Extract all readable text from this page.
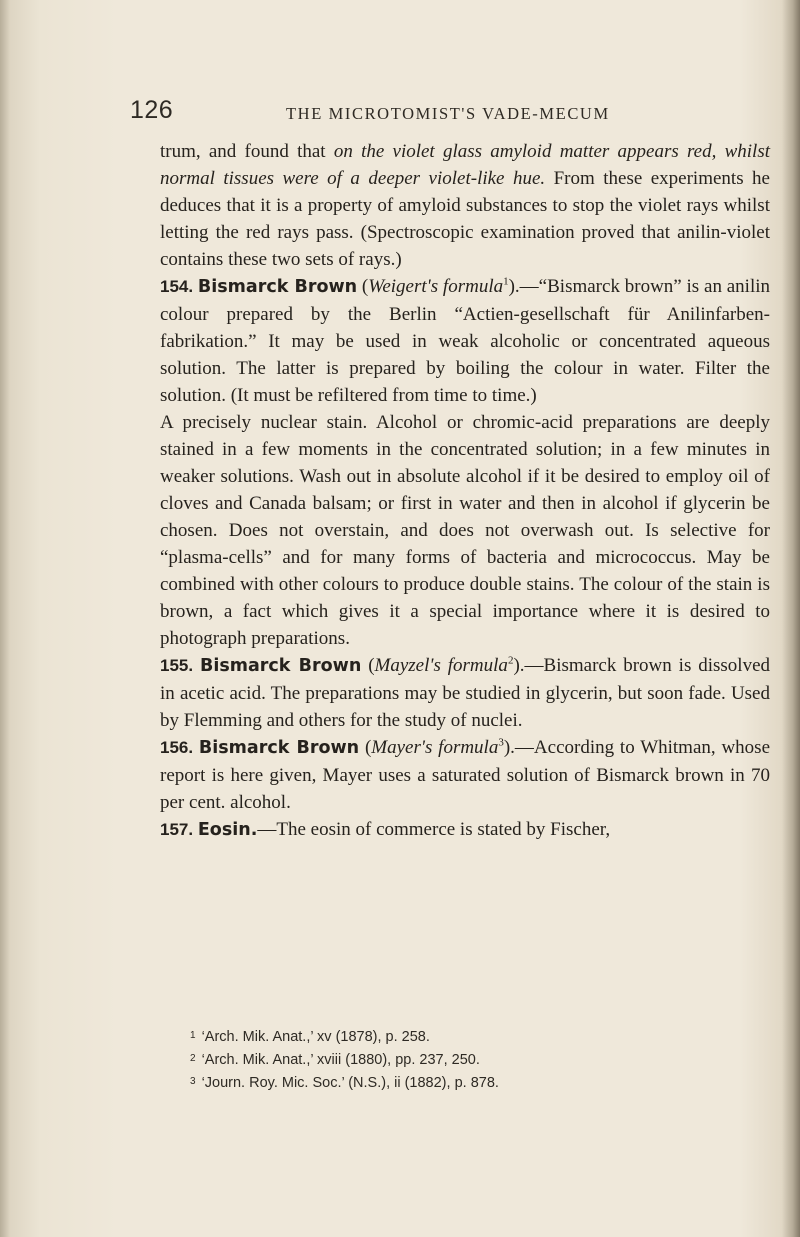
126	THE MICROTOMIST'S VADE-MECUM

trum, and found that on the violet glass amyloid matter appears red, whilst normal tissues were of a deeper violet-like hue. From these experiments he deduces that it is a property of amyloid substances to stop the violet rays whilst letting the red rays pass. (Spectroscopic examination proved that anilin-violet contains these two sets of rays.)

154. Bismarck Brown (Weigert's formula$^1$).—“Bismarck brown” is an anilin colour prepared by the Berlin “Actien-gesellschaft für Anilinfarben-fabrikation.” It may be used in weak alcoholic or concentrated aqueous solution. The latter is prepared by boiling the colour in water. Filter the solution. (It must be refiltered from time to time.)

A precisely nuclear stain. Alcohol or chromic-acid preparations are deeply stained in a few moments in the concentrated solution; in a few minutes in weaker solutions. Wash out in absolute alcohol if it be desired to employ oil of cloves and Canada balsam; or first in water and then in alcohol if glycerin be chosen. Does not overstain, and does not overwash out. Is selective for “plasma-cells” and for many forms of bacteria and micrococcus. May be combined with other colours to produce double stains. The colour of the stain is brown, a fact which gives it a special importance where it is desired to photograph preparations.

155. Bismarck Brown (Mayzel's formula$^2$).—Bismarck brown is dissolved in acetic acid. The preparations may be studied in glycerin, but soon fade. Used by Flemming and others for the study of nuclei.

156. Bismarck Brown (Mayer's formula$^3$).—According to Whitman, whose report is here given, Mayer uses a saturated solution of Bismarck brown in 70 per cent. alcohol.

157. Eosin.—The eosin of commerce is stated by Fischer,

$^1$ ‘Arch. Mik. Anat.,’ xv (1878), p. 258.
$^2$ ‘Arch. Mik. Anat.,’ xviii (1880), pp. 237, 250.
$^3$ ‘Journ. Roy. Mic. Soc.’ (N.S.), ii (1882), p. 878.
